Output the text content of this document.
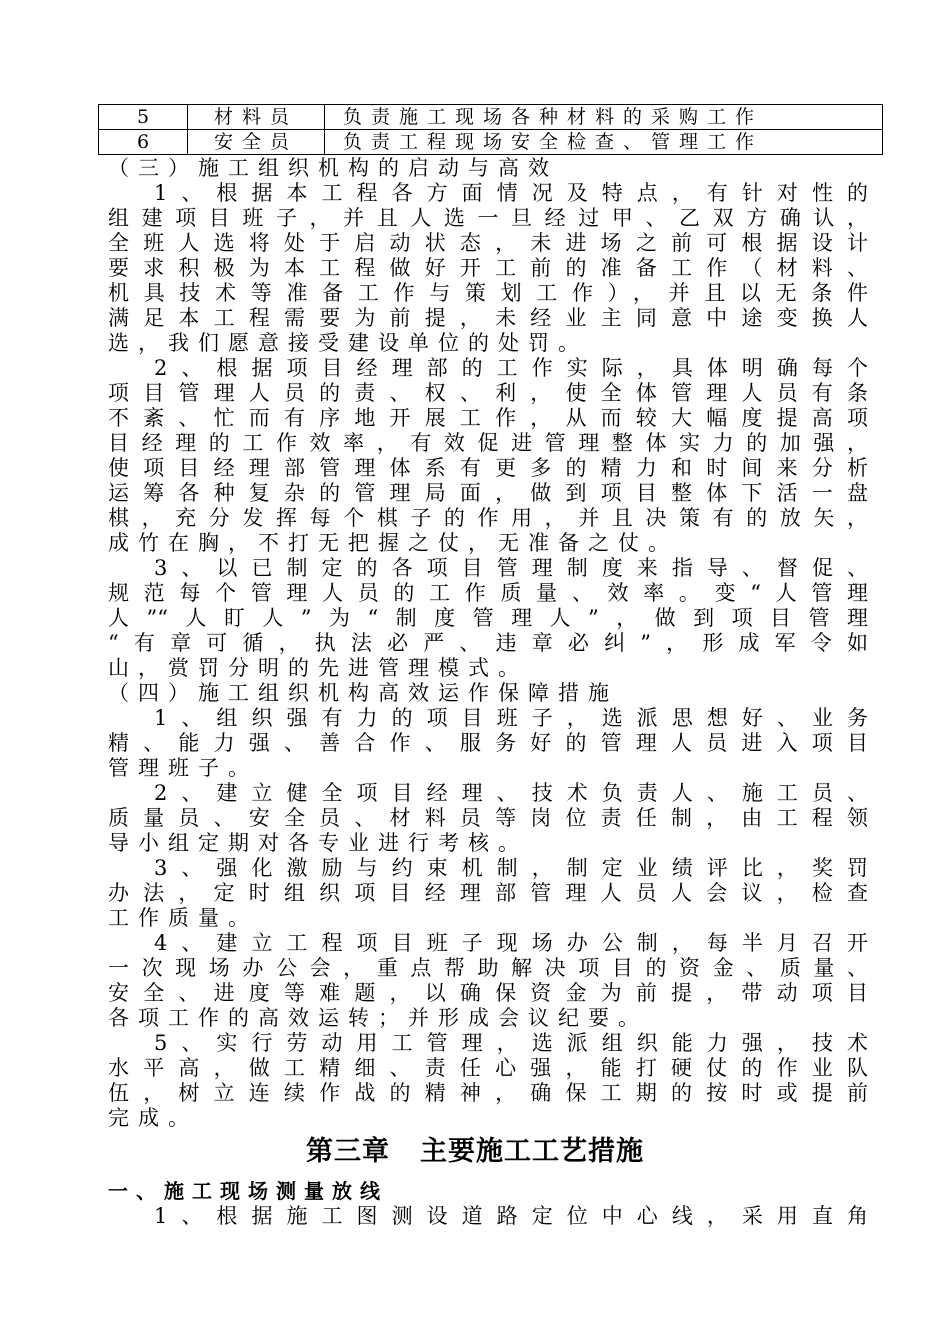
5	材料员	负责施工现场各种材料的采购工作
6	安全员	负责工程现场安全检查、管理工作
（三）施工组织机构的启动与高效
1、根据本工程各方面情况及特点，有针对性的
组建项目班子，并且人选一旦经过甲、乙双方确认，
全班人选将处于启动状态，未进场之前可根据设计
要求积极为本工程做好开工前的准备工作（材料、
机具技术等准备工作与策划工作），并且以无条件
满足本工程需要为前提，未经业主同意中途变换人
选，我们愿意接受建设单位的处罚。
2、根据项目经理部的工作实际，具体明确每个
项目管理人员的责、权、利，使全体管理人员有条
不紊、忙而有序地开展工作，从而较大幅度提高项
目经理的工作效率，有效促进管理整体实力的加强，
使项目经理部管理体系有更多的精力和时间来分析
运筹各种复杂的管理局面，做到项目整体下活一盘
棋，充分发挥每个棋子的作用，并且决策有的放矢，
成竹在胸，不打无把握之仗，无准备之仗。
3、以已制定的各项目管理制度来指导、督促、
规范每个管理人员的工作质量、效率。变“人管理
人”“人盯人”为“制度管理人”，做到项目管理
“有章可循，执法必严、违章必纠”，形成军令如
山，赏罚分明的先进管理模式。
（四）施工组织机构高效运作保障措施
1、组织强有力的项目班子，选派思想好、业务
精、能力强、善合作、服务好的管理人员进入项目
管理班子。
2、建立健全项目经理、技术负责人、施工员、
质量员、安全员、材料员等岗位责任制，由工程领
导小组定期对各专业进行考核。
3、强化激励与约束机制，制定业绩评比，奖罚
办法，定时组织项目经理部管理人员人会议，检查
工作质量。
4、建立工程项目班子现场办公制，每半月召开
一次现场办公会，重点帮助解决项目的资金、质量、
安全、进度等难题，以确保资金为前提，带动项目
各项工作的高效运转；并形成会议纪要。
5、实行劳动用工管理，选派组织能力强，技术
水平高，做工精细、责任心强，能打硬仗的作业队
伍，树立连续作战的精神，确保工期的按时或提前
完成。
第三章 主要施工工艺措施
一、施工现场测量放线
1、根据施工图测设道路定位中心线，采用直角
